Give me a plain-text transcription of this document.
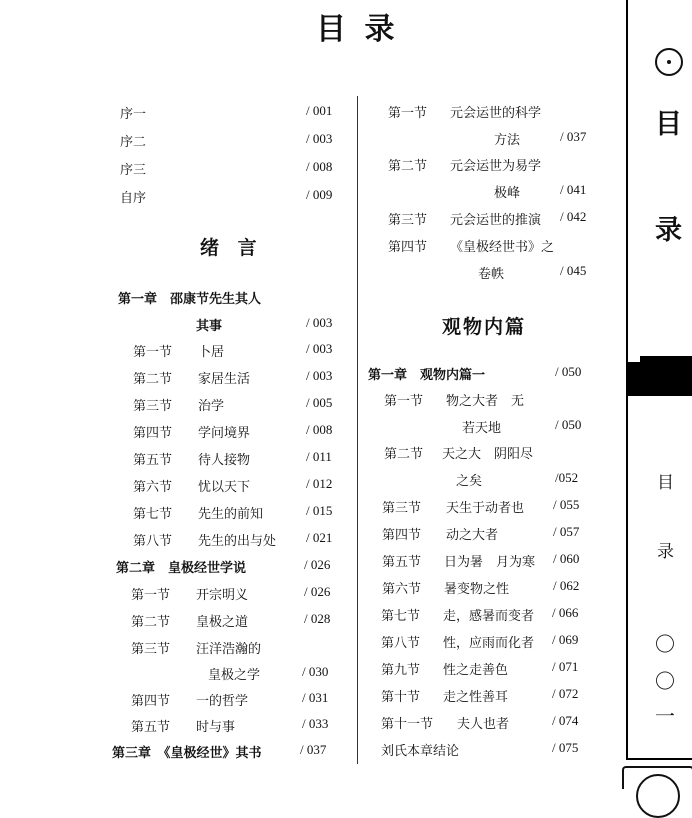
目 录
序一	/ 001
序二	/ 003
序三	/ 008
自序	/ 009
绪 言
第一章　邵康节先生其人
其事	/ 003
第一节 卜居	/ 003
第二节 家居生活	/ 003
第三节 治学	/ 005
第四节 学问境界	/ 008
第五节 待人接物	/ 011
第六节 忧以天下	/ 012
第七节 先生的前知	/ 015
第八节 先生的出与处 / 021
第二章　皇极经世学说	/ 026
第一节 开宗明义	/ 026
第二节 皇极之道	/ 028
第三节 汪洋浩瀚的
皇极之学	/ 030
第四节 一的哲学	/ 031
第五节 时与事	/ 033
第三章　《皇极经世》其书	/ 037
第一节 元会运世的科学
方法	/ 037
第二节 元会运世为易学
极峰	/ 041
第三节 元会运世的推演 / 042
第四节 《皇极经世书》之
卷帙	/ 045
观物内篇
第一章　观物内篇一	/ 050
第一节 物之大者　无
若天地	/ 050
第二节 天之大　阴阳尽
之矣	/052
第三节 天生于动者也 / 055
第四节 动之大者	/ 057
第五节 日为暑　月为寒 / 060
第六节 暑变物之性	/ 062
第七节 走，感暑而变者 / 066
第八节 性，应雨而化者 / 069
第九节 性之走善色	/ 071
第十节 走之性善耳	/ 072
第十一节 夫人也者	/ 074
刘氏本章结论	/ 075
目
录
目
录
〇
〇
一
